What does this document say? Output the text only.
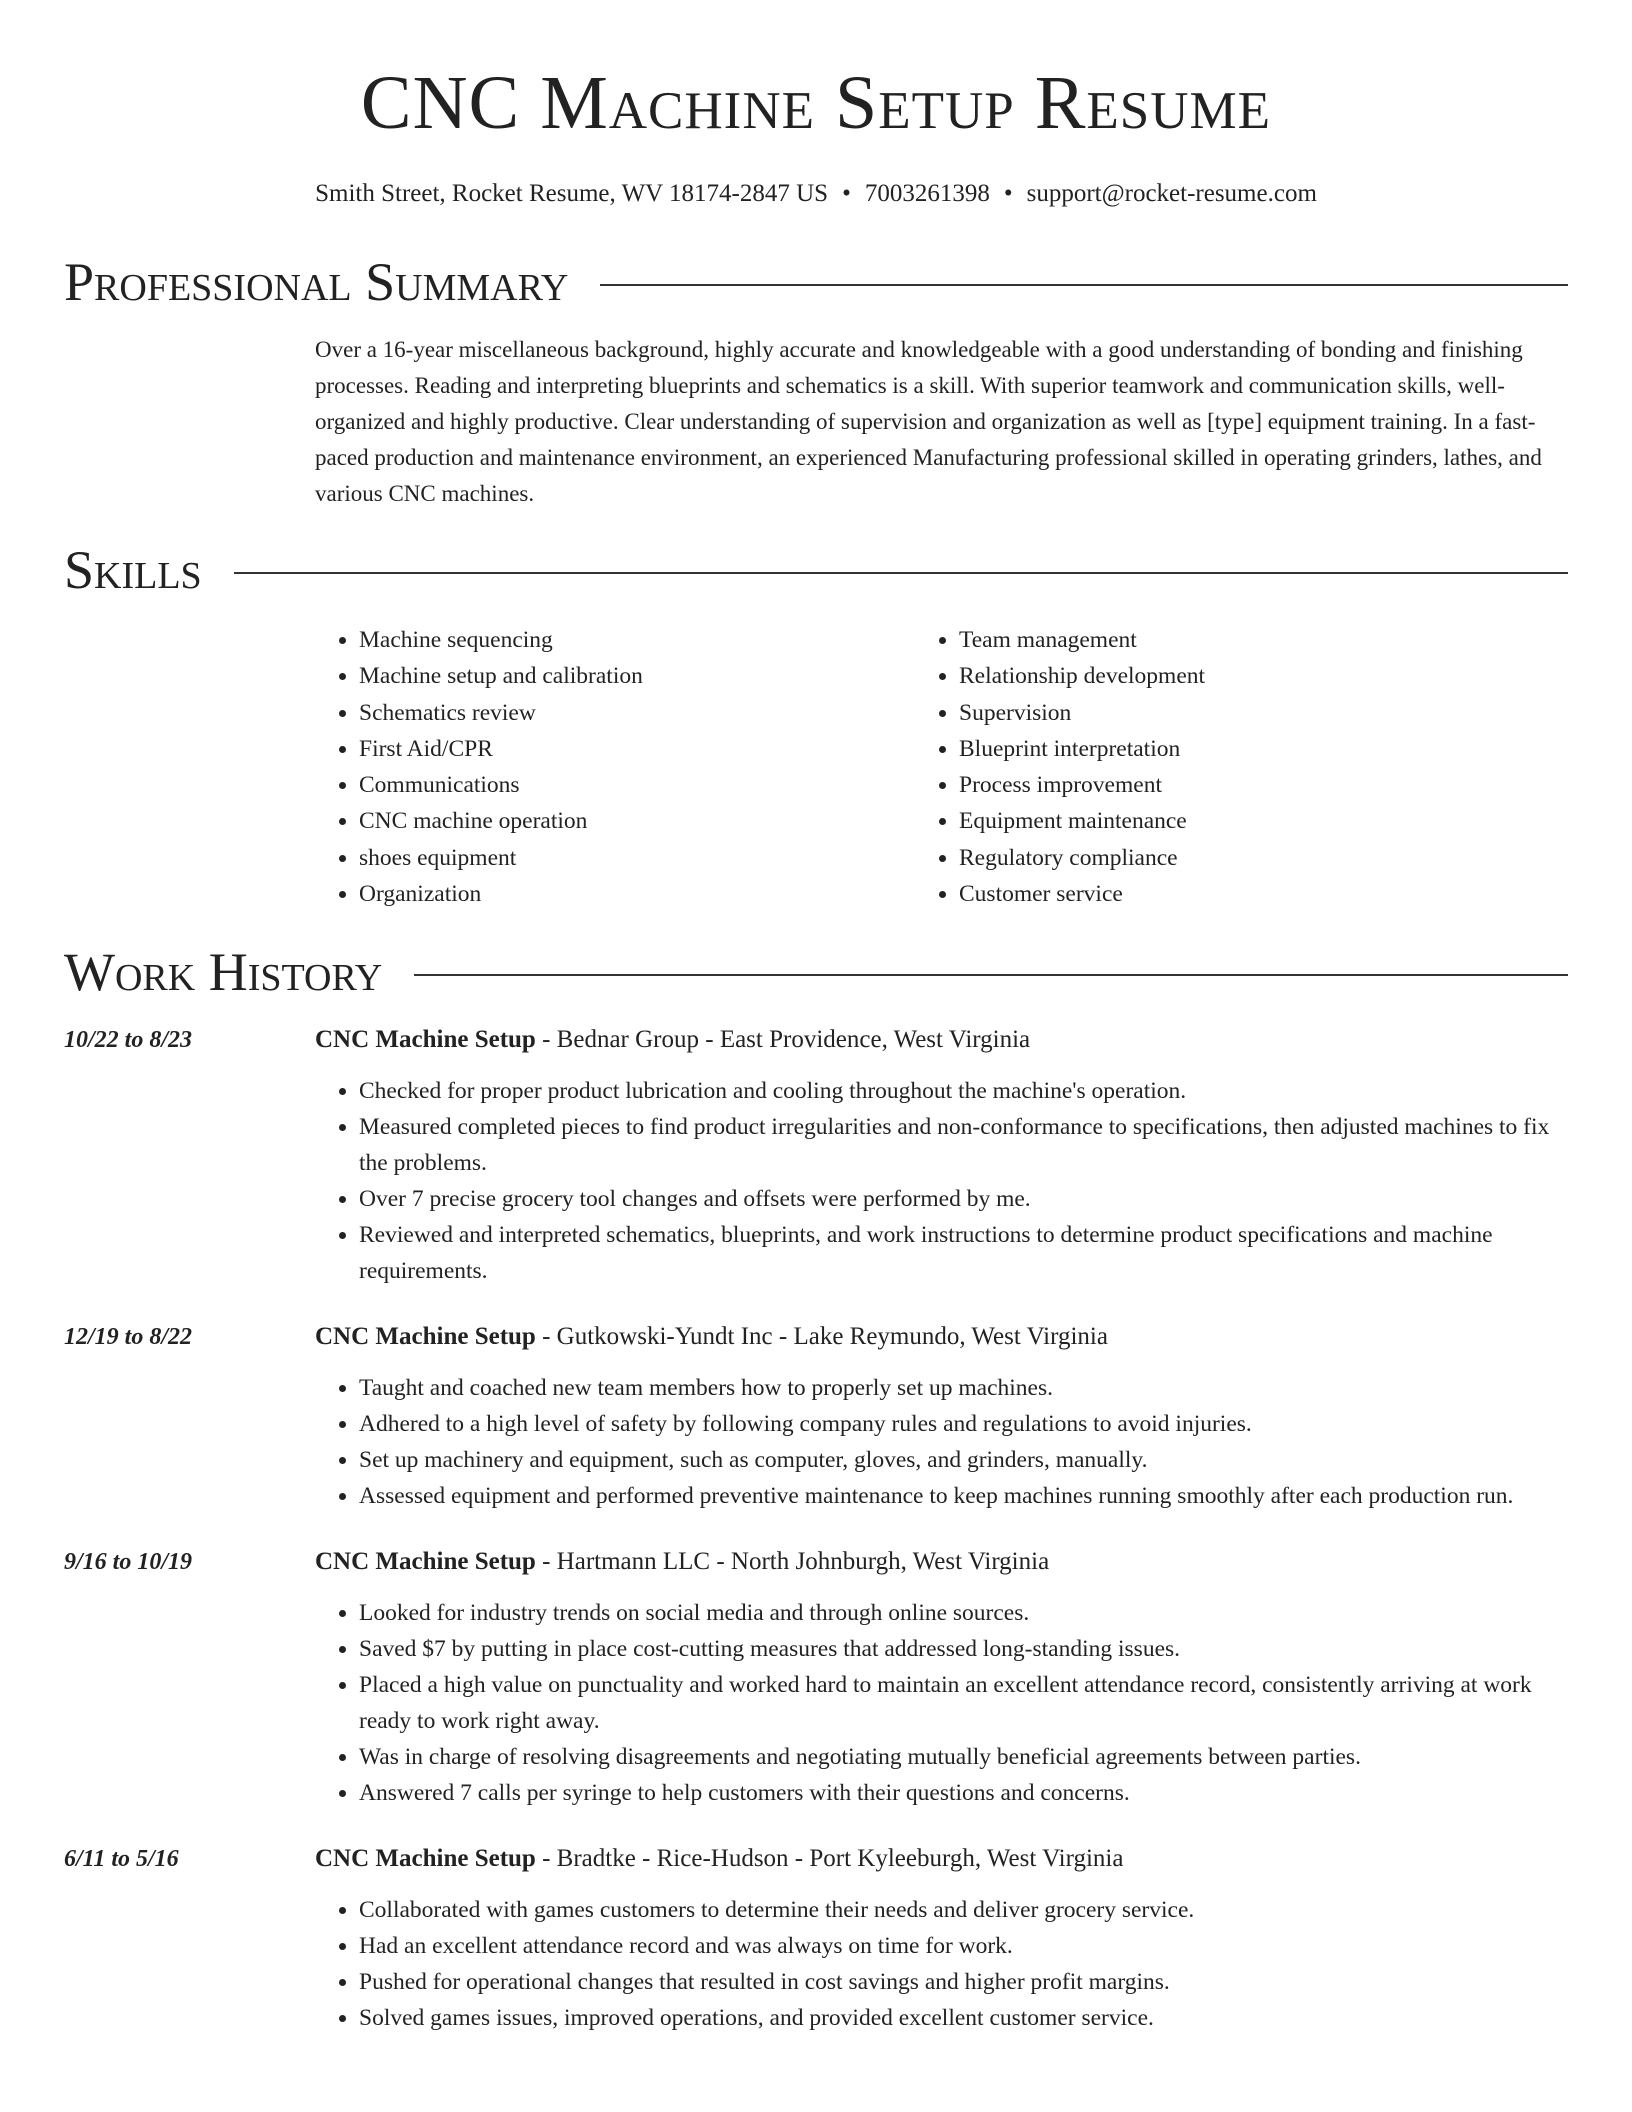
CNC Machine Setup Resume
Smith Street, Rocket Resume, WV 18174-2847 US • 7003261398 • support@rocket-resume.com
Professional Summary
Over a 16-year miscellaneous background, highly accurate and knowledgeable with a good understanding of bonding and finishing processes. Reading and interpreting blueprints and schematics is a skill. With superior teamwork and communication skills, well-organized and highly productive. Clear understanding of supervision and organization as well as [type] equipment training. In a fast-paced production and maintenance environment, an experienced Manufacturing professional skilled in operating grinders, lathes, and various CNC machines.
Skills
• Machine sequencing
• Machine setup and calibration
• Schematics review
• First Aid/CPR
• Communications
• CNC machine operation
• shoes equipment
• Organization
• Team management
• Relationship development
• Supervision
• Blueprint interpretation
• Process improvement
• Equipment maintenance
• Regulatory compliance
• Customer service
Work History
10/22 to 8/23	CNC Machine Setup - Bednar Group - East Providence, West Virginia
• Checked for proper product lubrication and cooling throughout the machine's operation.
• Measured completed pieces to find product irregularities and non-conformance to specifications, then adjusted machines to fix the problems.
• Over 7 precise grocery tool changes and offsets were performed by me.
• Reviewed and interpreted schematics, blueprints, and work instructions to determine product specifications and machine requirements.
12/19 to 8/22	CNC Machine Setup - Gutkowski-Yundt Inc - Lake Reymundo, West Virginia
• Taught and coached new team members how to properly set up machines.
• Adhered to a high level of safety by following company rules and regulations to avoid injuries.
• Set up machinery and equipment, such as computer, gloves, and grinders, manually.
• Assessed equipment and performed preventive maintenance to keep machines running smoothly after each production run.
9/16 to 10/19	CNC Machine Setup - Hartmann LLC - North Johnburgh, West Virginia
• Looked for industry trends on social media and through online sources.
• Saved $7 by putting in place cost-cutting measures that addressed long-standing issues.
• Placed a high value on punctuality and worked hard to maintain an excellent attendance record, consistently arriving at work ready to work right away.
• Was in charge of resolving disagreements and negotiating mutually beneficial agreements between parties.
• Answered 7 calls per syringe to help customers with their questions and concerns.
6/11 to 5/16	CNC Machine Setup - Bradtke - Rice-Hudson - Port Kyleeburgh, West Virginia
• Collaborated with games customers to determine their needs and deliver grocery service.
• Had an excellent attendance record and was always on time for work.
• Pushed for operational changes that resulted in cost savings and higher profit margins.
• Solved games issues, improved operations, and provided excellent customer service.
